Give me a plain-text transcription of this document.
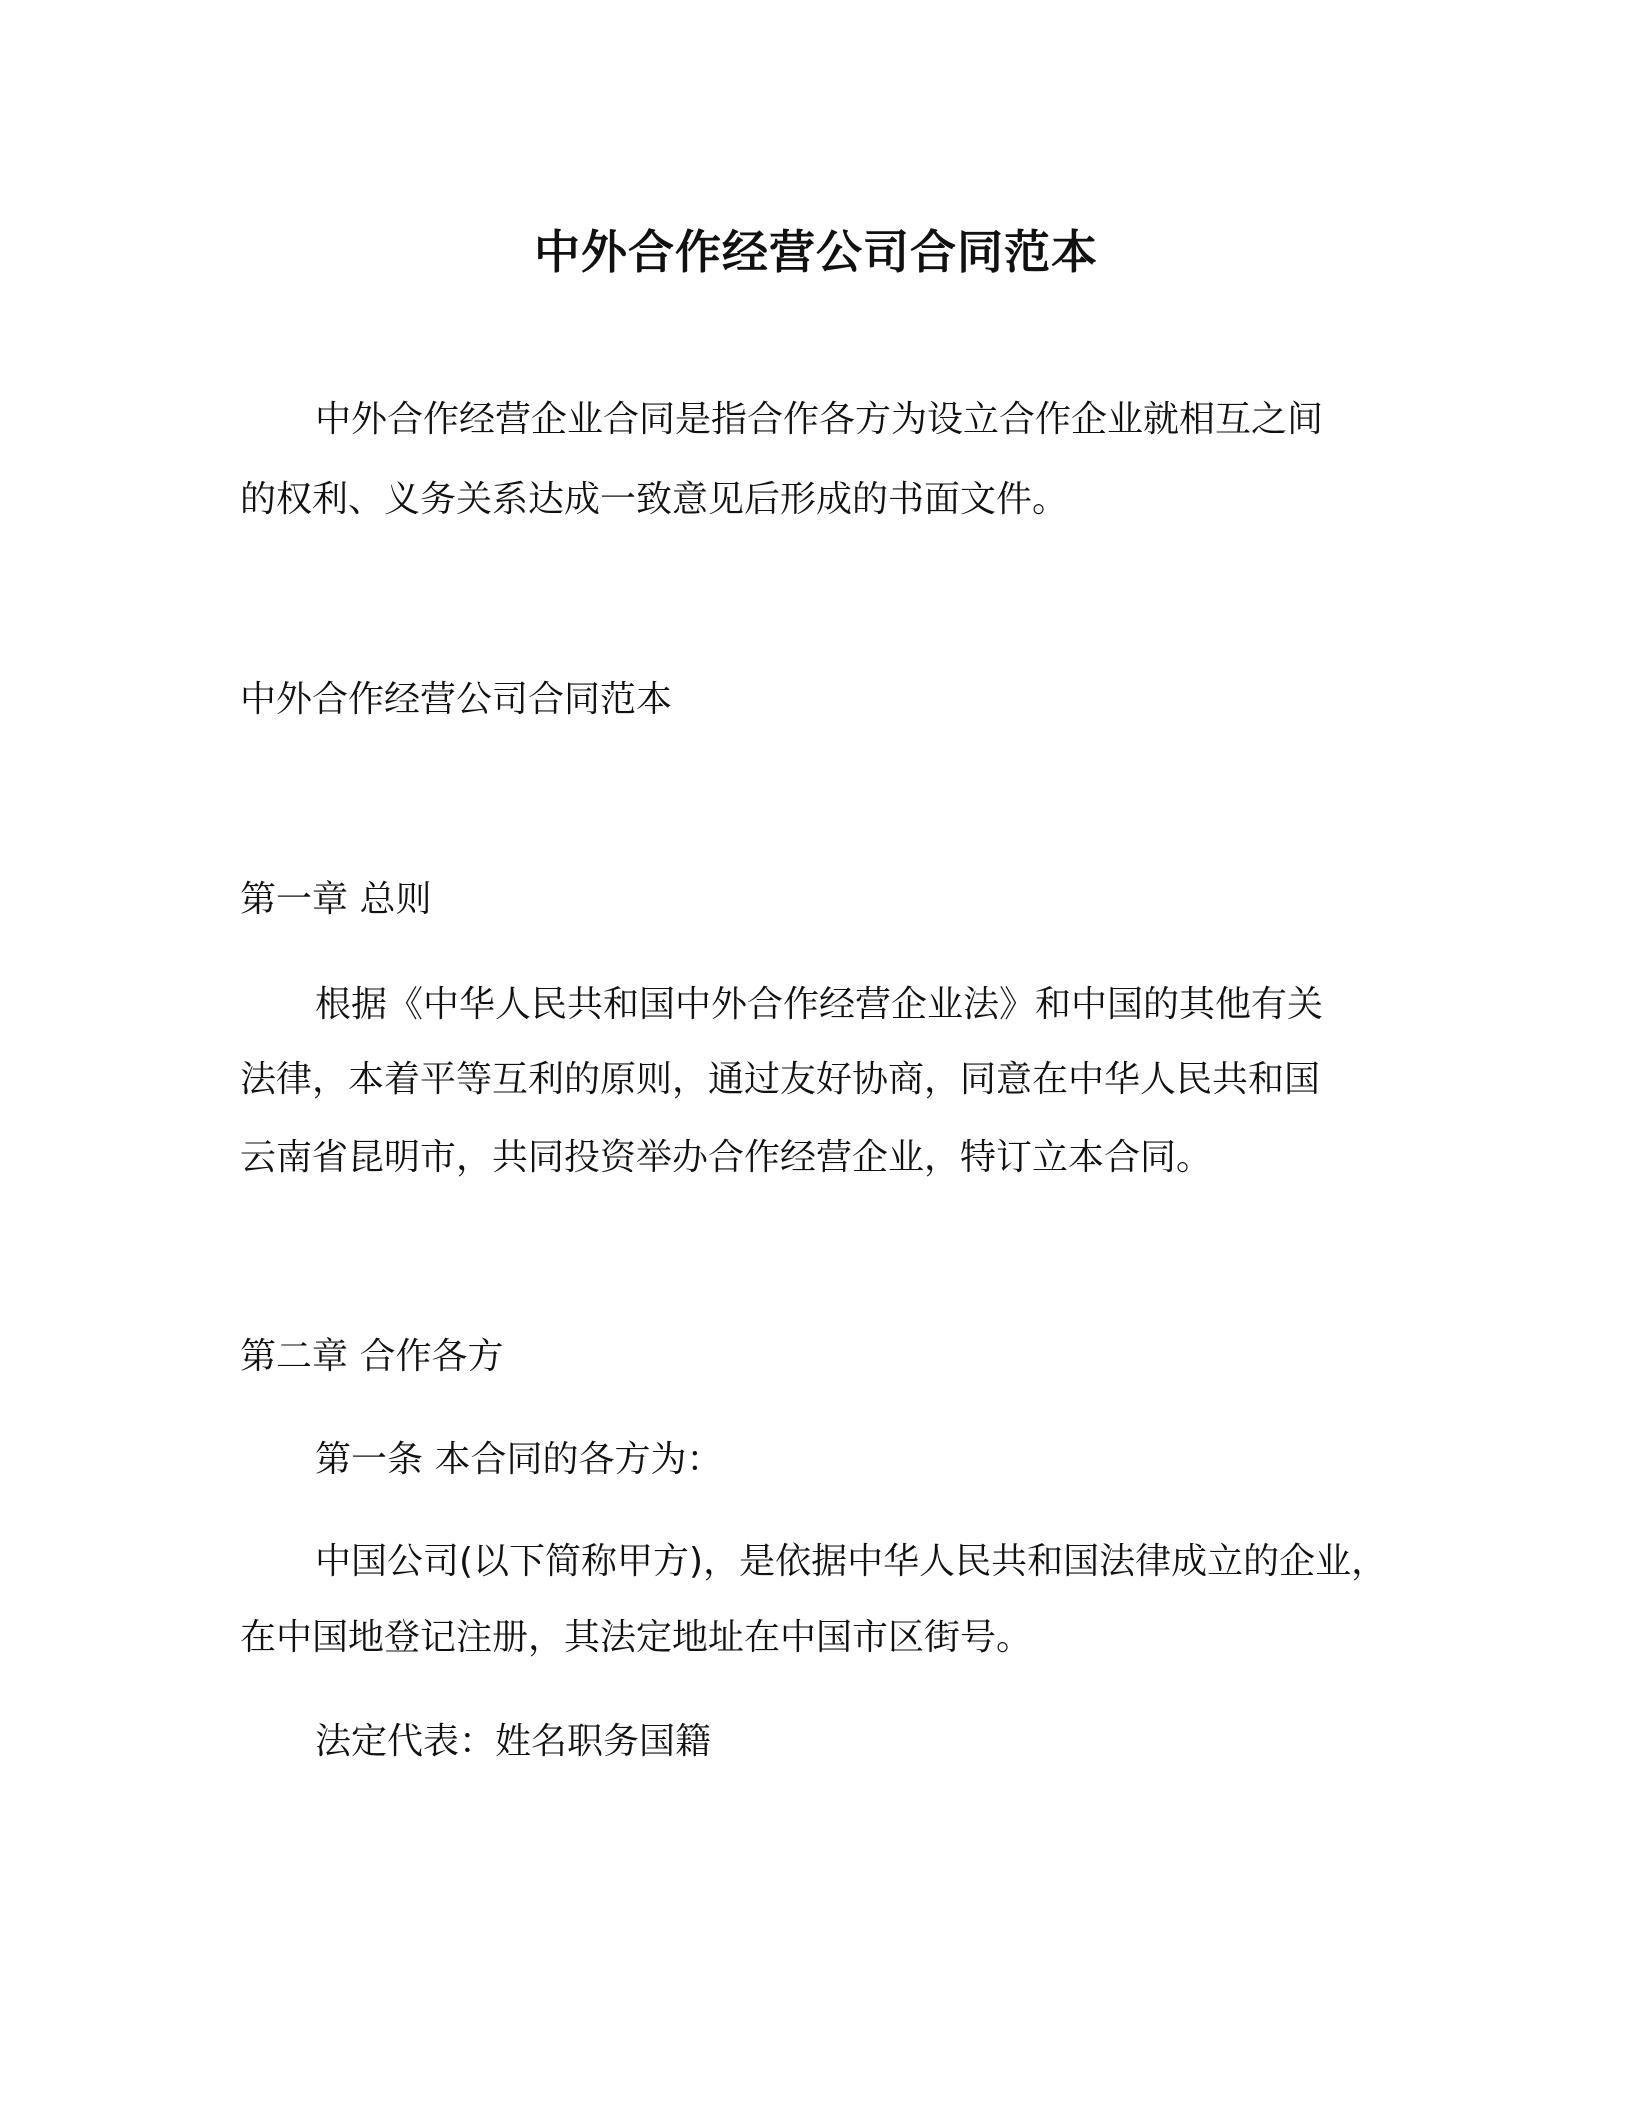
中外合作经营公司合同范本

中外合作经营企业合同是指合作各方为设立合作企业就相互之间

的权利、义务关系达成一致意见后形成的书面文件。

中外合作经营公司合同范本

第一章 总则

根据《中华人民共和国中外合作经营企业法》和中国的其他有关

法律，本着平等互利的原则，通过友好协商，同意在中华人民共和国

云南省昆明市，共同投资举办合作经营企业，特订立本合同。

第二章 合作各方

第一条 本合同的各方为：

中国公司(以下简称甲方)，是依据中华人民共和国法律成立的企业，

在中国地登记注册，其法定地址在中国市区街号。

法定代表：姓名职务国籍
